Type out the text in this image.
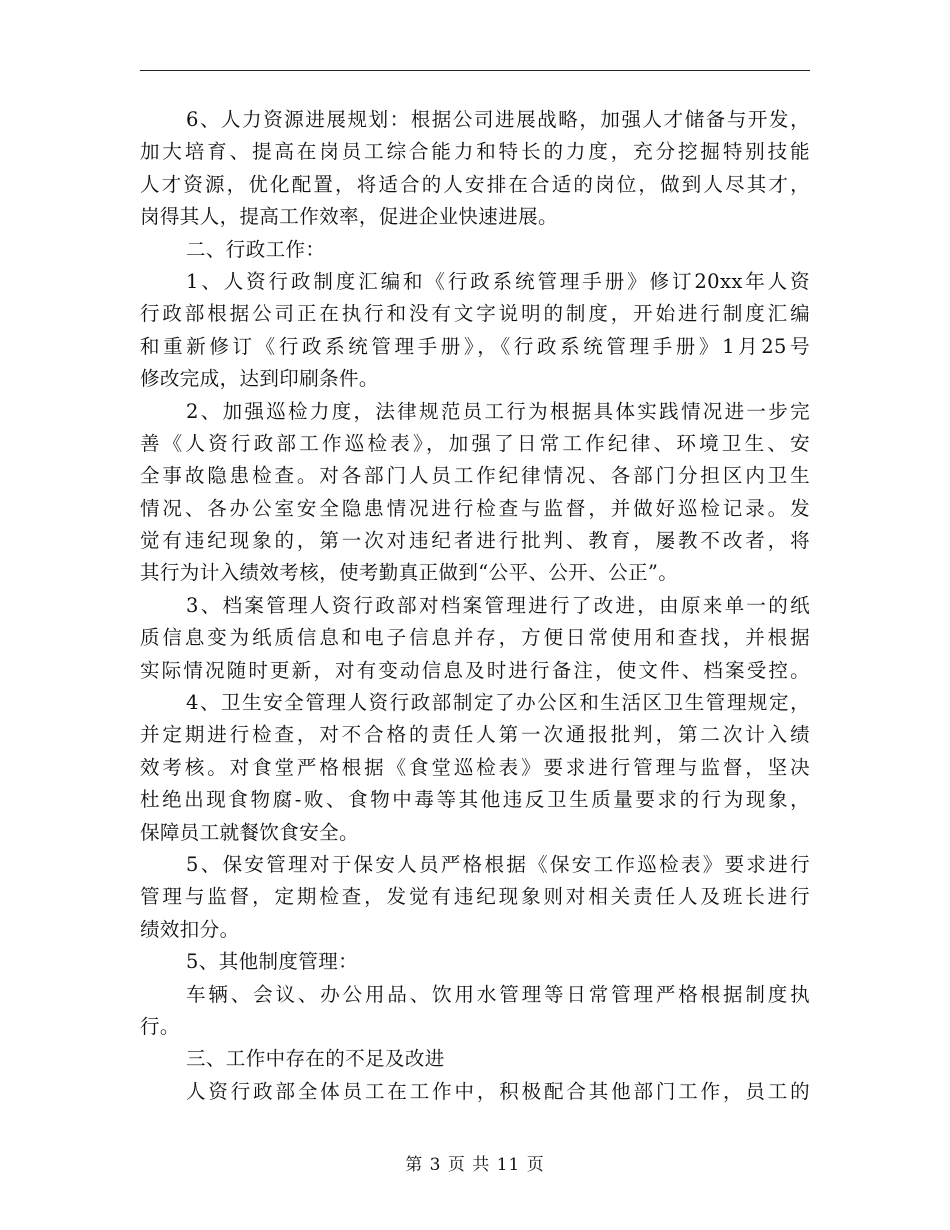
6、人力资源进展规划：根据公司进展战略，加强人才储备与开发，
加大培育、提高在岗员工综合能力和特长的力度，充分挖掘特别技能
人才资源，优化配置，将适合的人安排在合适的岗位，做到人尽其才，
岗得其人，提高工作效率，促进企业快速进展。
二、行政工作：
1、人资行政制度汇编和《行政系统管理手册》修订20xx年人资
行政部根据公司正在执行和没有文字说明的制度，开始进行制度汇编
和重新修订《行政系统管理手册》，《行政系统管理手册》1月25号
修改完成，达到印刷条件。
2、加强巡检力度，法律规范员工行为根据具体实践情况进一步完
善《人资行政部工作巡检表》，加强了日常工作纪律、环境卫生、安
全事故隐患检查。对各部门人员工作纪律情况、各部门分担区内卫生
情况、各办公室安全隐患情况进行检查与监督，并做好巡检记录。发
觉有违纪现象的，第一次对违纪者进行批判、教育，屡教不改者，将
其行为计入绩效考核，使考勤真正做到“公平、公开、公正”。
3、档案管理人资行政部对档案管理进行了改进，由原来单一的纸
质信息变为纸质信息和电子信息并存，方便日常使用和查找，并根据
实际情况随时更新，对有变动信息及时进行备注，使文件、档案受控。
4、卫生安全管理人资行政部制定了办公区和生活区卫生管理规定，
并定期进行检查，对不合格的责任人第一次通报批判，第二次计入绩
效考核。对食堂严格根据《食堂巡检表》要求进行管理与监督，坚决
杜绝出现食物腐-败、食物中毒等其他违反卫生质量要求的行为现象，
保障员工就餐饮食安全。
5、保安管理对于保安人员严格根据《保安工作巡检表》要求进行
管理与监督，定期检查，发觉有违纪现象则对相关责任人及班长进行
绩效扣分。
5、其他制度管理：
车辆、会议、办公用品、饮用水管理等日常管理严格根据制度执
行。
三、工作中存在的不足及改进
人资行政部全体员工在工作中，积极配合其他部门工作，员工的
第 3 页 共 11 页
